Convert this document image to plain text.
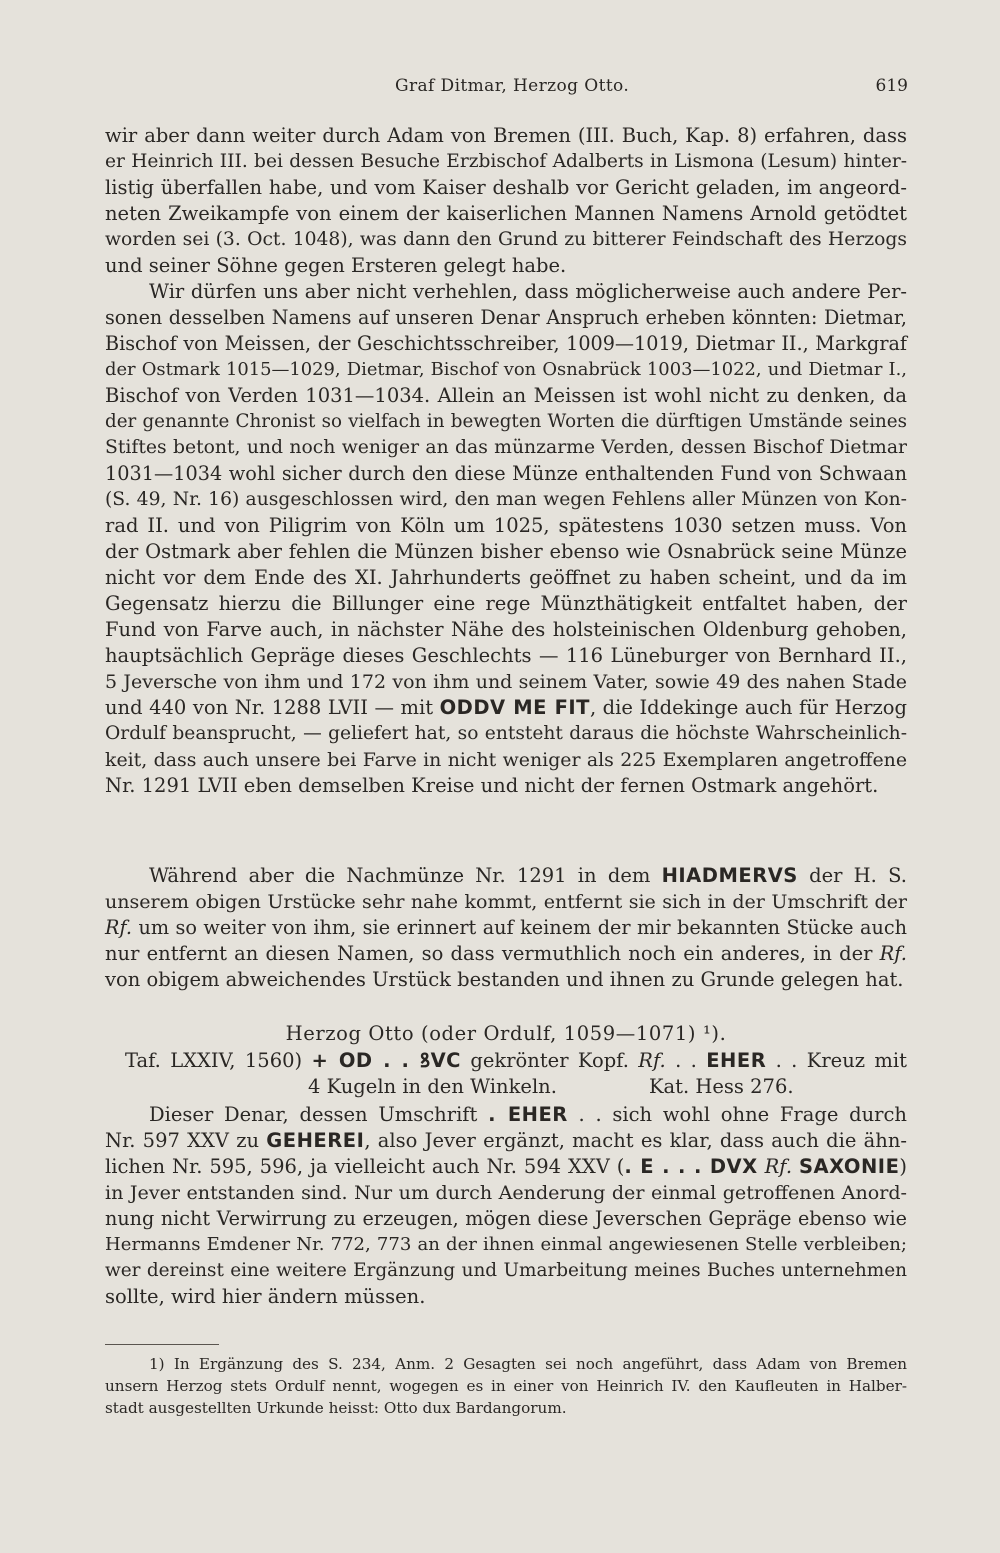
Graf Ditmar, Herzog Otto.	619
wir aber dann weiter durch Adam von Bremen (III. Buch, Kap. 8) erfahren, dass
er Heinrich III. bei dessen Besuche Erzbischof Adalberts in Lismona (Lesum) hinter-
listig überfallen habe, und vom Kaiser deshalb vor Gericht geladen, im angeord-
neten Zweikampfe von einem der kaiserlichen Mannen Namens Arnold getödtet
worden sei (3. Oct. 1048), was dann den Grund zu bitterer Feindschaft des Herzogs
und seiner Söhne gegen Ersteren gelegt habe.
Wir dürfen uns aber nicht verhehlen, dass möglicherweise auch andere Per-
sonen desselben Namens auf unseren Denar Anspruch erheben könnten: Dietmar,
Bischof von Meissen, der Geschichtsschreiber, 1009—1019, Dietmar II., Markgraf
der Ostmark 1015—1029, Dietmar, Bischof von Osnabrück 1003—1022, und Dietmar I.,
Bischof von Verden 1031—1034. Allein an Meissen ist wohl nicht zu denken, da
der genannte Chronist so vielfach in bewegten Worten die dürftigen Umstände seines
Stiftes betont, und noch weniger an das münzarme Verden, dessen Bischof Dietmar
1031—1034 wohl sicher durch den diese Münze enthaltenden Fund von Schwaan
(S. 49, Nr. 16) ausgeschlossen wird, den man wegen Fehlens aller Münzen von Kon-
rad II. und von Piligrim von Köln um 1025, spätestens 1030 setzen muss. Von
der Ostmark aber fehlen die Münzen bisher ebenso wie Osnabrück seine Münze
nicht vor dem Ende des XI. Jahrhunderts geöffnet zu haben scheint, und da im
Gegensatz hierzu die Billunger eine rege Münzthätigkeit entfaltet haben, der
Fund von Farve auch, in nächster Nähe des holsteinischen Oldenburg gehoben,
hauptsächlich Gepräge dieses Geschlechts — 116 Lüneburger von Bernhard II.,
5 Jeversche von ihm und 172 von ihm und seinem Vater, sowie 49 des nahen Stade
und 440 von Nr. 1288 LVII — mit ODDV ME FIT, die Iddekinge auch für Herzog
Ordulf beansprucht, — geliefert hat, so entsteht daraus die höchste Wahrscheinlich-
keit, dass auch unsere bei Farve in nicht weniger als 225 Exemplaren angetroffene
Nr. 1291 LVII eben demselben Kreise und nicht der fernen Ostmark angehört.
Während aber die Nachmünze Nr. 1291 in dem HIADMERVS der H. S.
unserem obigen Urstücke sehr nahe kommt, entfernt sie sich in der Umschrift der
Rf. um so weiter von ihm, sie erinnert auf keinem der mir bekannten Stücke auch
nur entfernt an diesen Namen, so dass vermuthlich noch ein anderes, in der Rf.
von obigem abweichendes Urstück bestanden und ihnen zu Grunde gelegen hat.
Herzog Otto (oder Ordulf, 1059—1071) ¹).
Taf. LXXIV, 1560) + OD . . ꝸVC gekrönter Kopf. Rf. . . EHER . . Kreuz mit
4 Kugeln in den Winkeln.	Kat. Hess 276.
Dieser Denar, dessen Umschrift . EHER . . sich wohl ohne Frage durch
Nr. 597 XXV zu GEHEREI, also Jever ergänzt, macht es klar, dass auch die ähn-
lichen Nr. 595, 596, ja vielleicht auch Nr. 594 XXV (. E . . . DVX Rf. SAXONIE)
in Jever entstanden sind. Nur um durch Aenderung der einmal getroffenen Anord-
nung nicht Verwirrung zu erzeugen, mögen diese Jeverschen Gepräge ebenso wie
Hermanns Emdener Nr. 772, 773 an der ihnen einmal angewiesenen Stelle verbleiben;
wer dereinst eine weitere Ergänzung und Umarbeitung meines Buches unternehmen
sollte, wird hier ändern müssen.
1) In Ergänzung des S. 234, Anm. 2 Gesagten sei noch angeführt, dass Adam von Bremen
unsern Herzog stets Ordulf nennt, wogegen es in einer von Heinrich IV. den Kaufleuten in Halber-
stadt ausgestellten Urkunde heisst: Otto dux Bardangorum.
